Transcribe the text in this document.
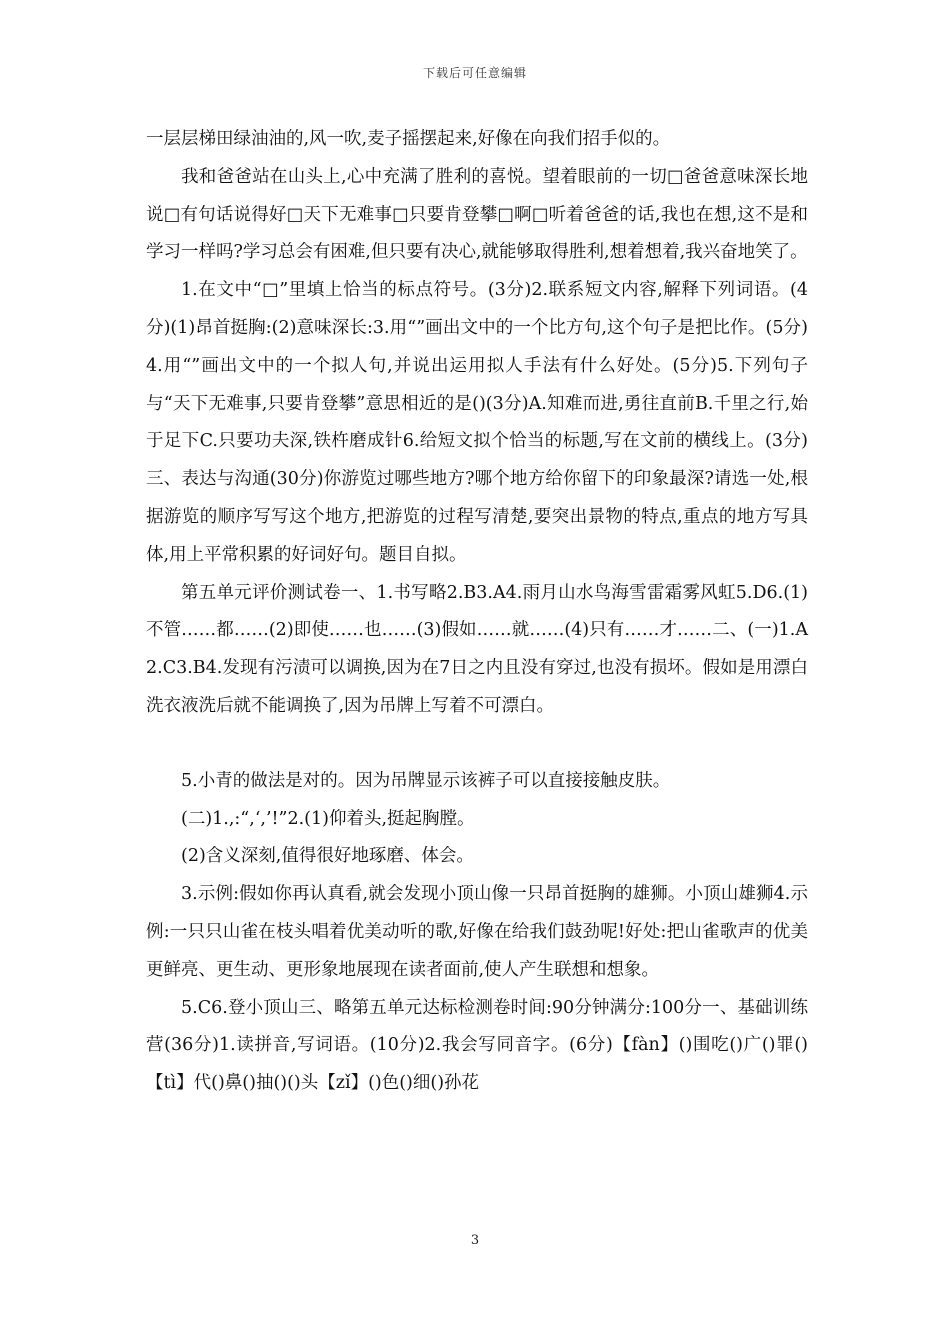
下载后可任意编辑

一层层梯田绿油油的,风一吹,麦子摇摆起来,好像在向我们招手似的。

我和爸爸站在山头上,心中充满了胜利的喜悦。望着眼前的一切□爸爸意味深长地说□有句话说得好□天下无难事□只要肯登攀□啊□听着爸爸的话,我也在想,这不是和学习一样吗?学习总会有困难,但只要有决心,就能够取得胜利,想着想着,我兴奋地笑了。

1.在文中“□”里填上恰当的标点符号。(3分)2.联系短文内容,解释下列词语。(4分)(1)昂首挺胸:(2)意味深长:3.用“”画出文中的一个比方句,这个句子是把比作。(5分)4.用“”画出文中的一个拟人句,并说出运用拟人手法有什么好处。(5分)5.下列句子与“天下无难事,只要肯登攀”意思相近的是()(3分)A.知难而进,勇往直前B.千里之行,始于足下C.只要功夫深,铁杵磨成针6.给短文拟个恰当的标题,写在文前的横线上。(3分)三、表达与沟通(30分)你游览过哪些地方?哪个地方给你留下的印象最深?请选一处,根据游览的顺序写写这个地方,把游览的过程写清楚,要突出景物的特点,重点的地方写具体,用上平常积累的好词好句。题目自拟。

第五单元评价测试卷一、1.书写略2.B3.A4.雨月山水鸟海雪雷霜雾风虹5.D6.(1)不管……都……(2)即使……也……(3)假如……就……(4)只有……才……二、(一)1.A2.C3.B4.发现有污渍可以调换,因为在7日之内且没有穿过,也没有损坏。假如是用漂白洗衣液洗后就不能调换了,因为吊牌上写着不可漂白。

5.小青的做法是对的。因为吊牌显示该裤子可以直接接触皮肤。

(二)1.,:“,‘,’!”2.(1)仰着头,挺起胸膛。

(2)含义深刻,值得很好地琢磨、体会。

3.示例:假如你再认真看,就会发现小顶山像一只昂首挺胸的雄狮。小顶山雄狮4.示例:一只只山雀在枝头唱着优美动听的歌,好像在给我们鼓劲呢!好处:把山雀歌声的优美更鲜亮、更生动、更形象地展现在读者面前,使人产生联想和想象。

5.C6.登小顶山三、略第五单元达标检测卷时间:90分钟满分:100分一、基础训练营(36分)1.读拼音,写词语。(10分)2.我会写同音字。(6分)【fàn】()围吃()广()罪()【tì】代()鼻()抽()()头【zǐ】()色()细()孙花

3
